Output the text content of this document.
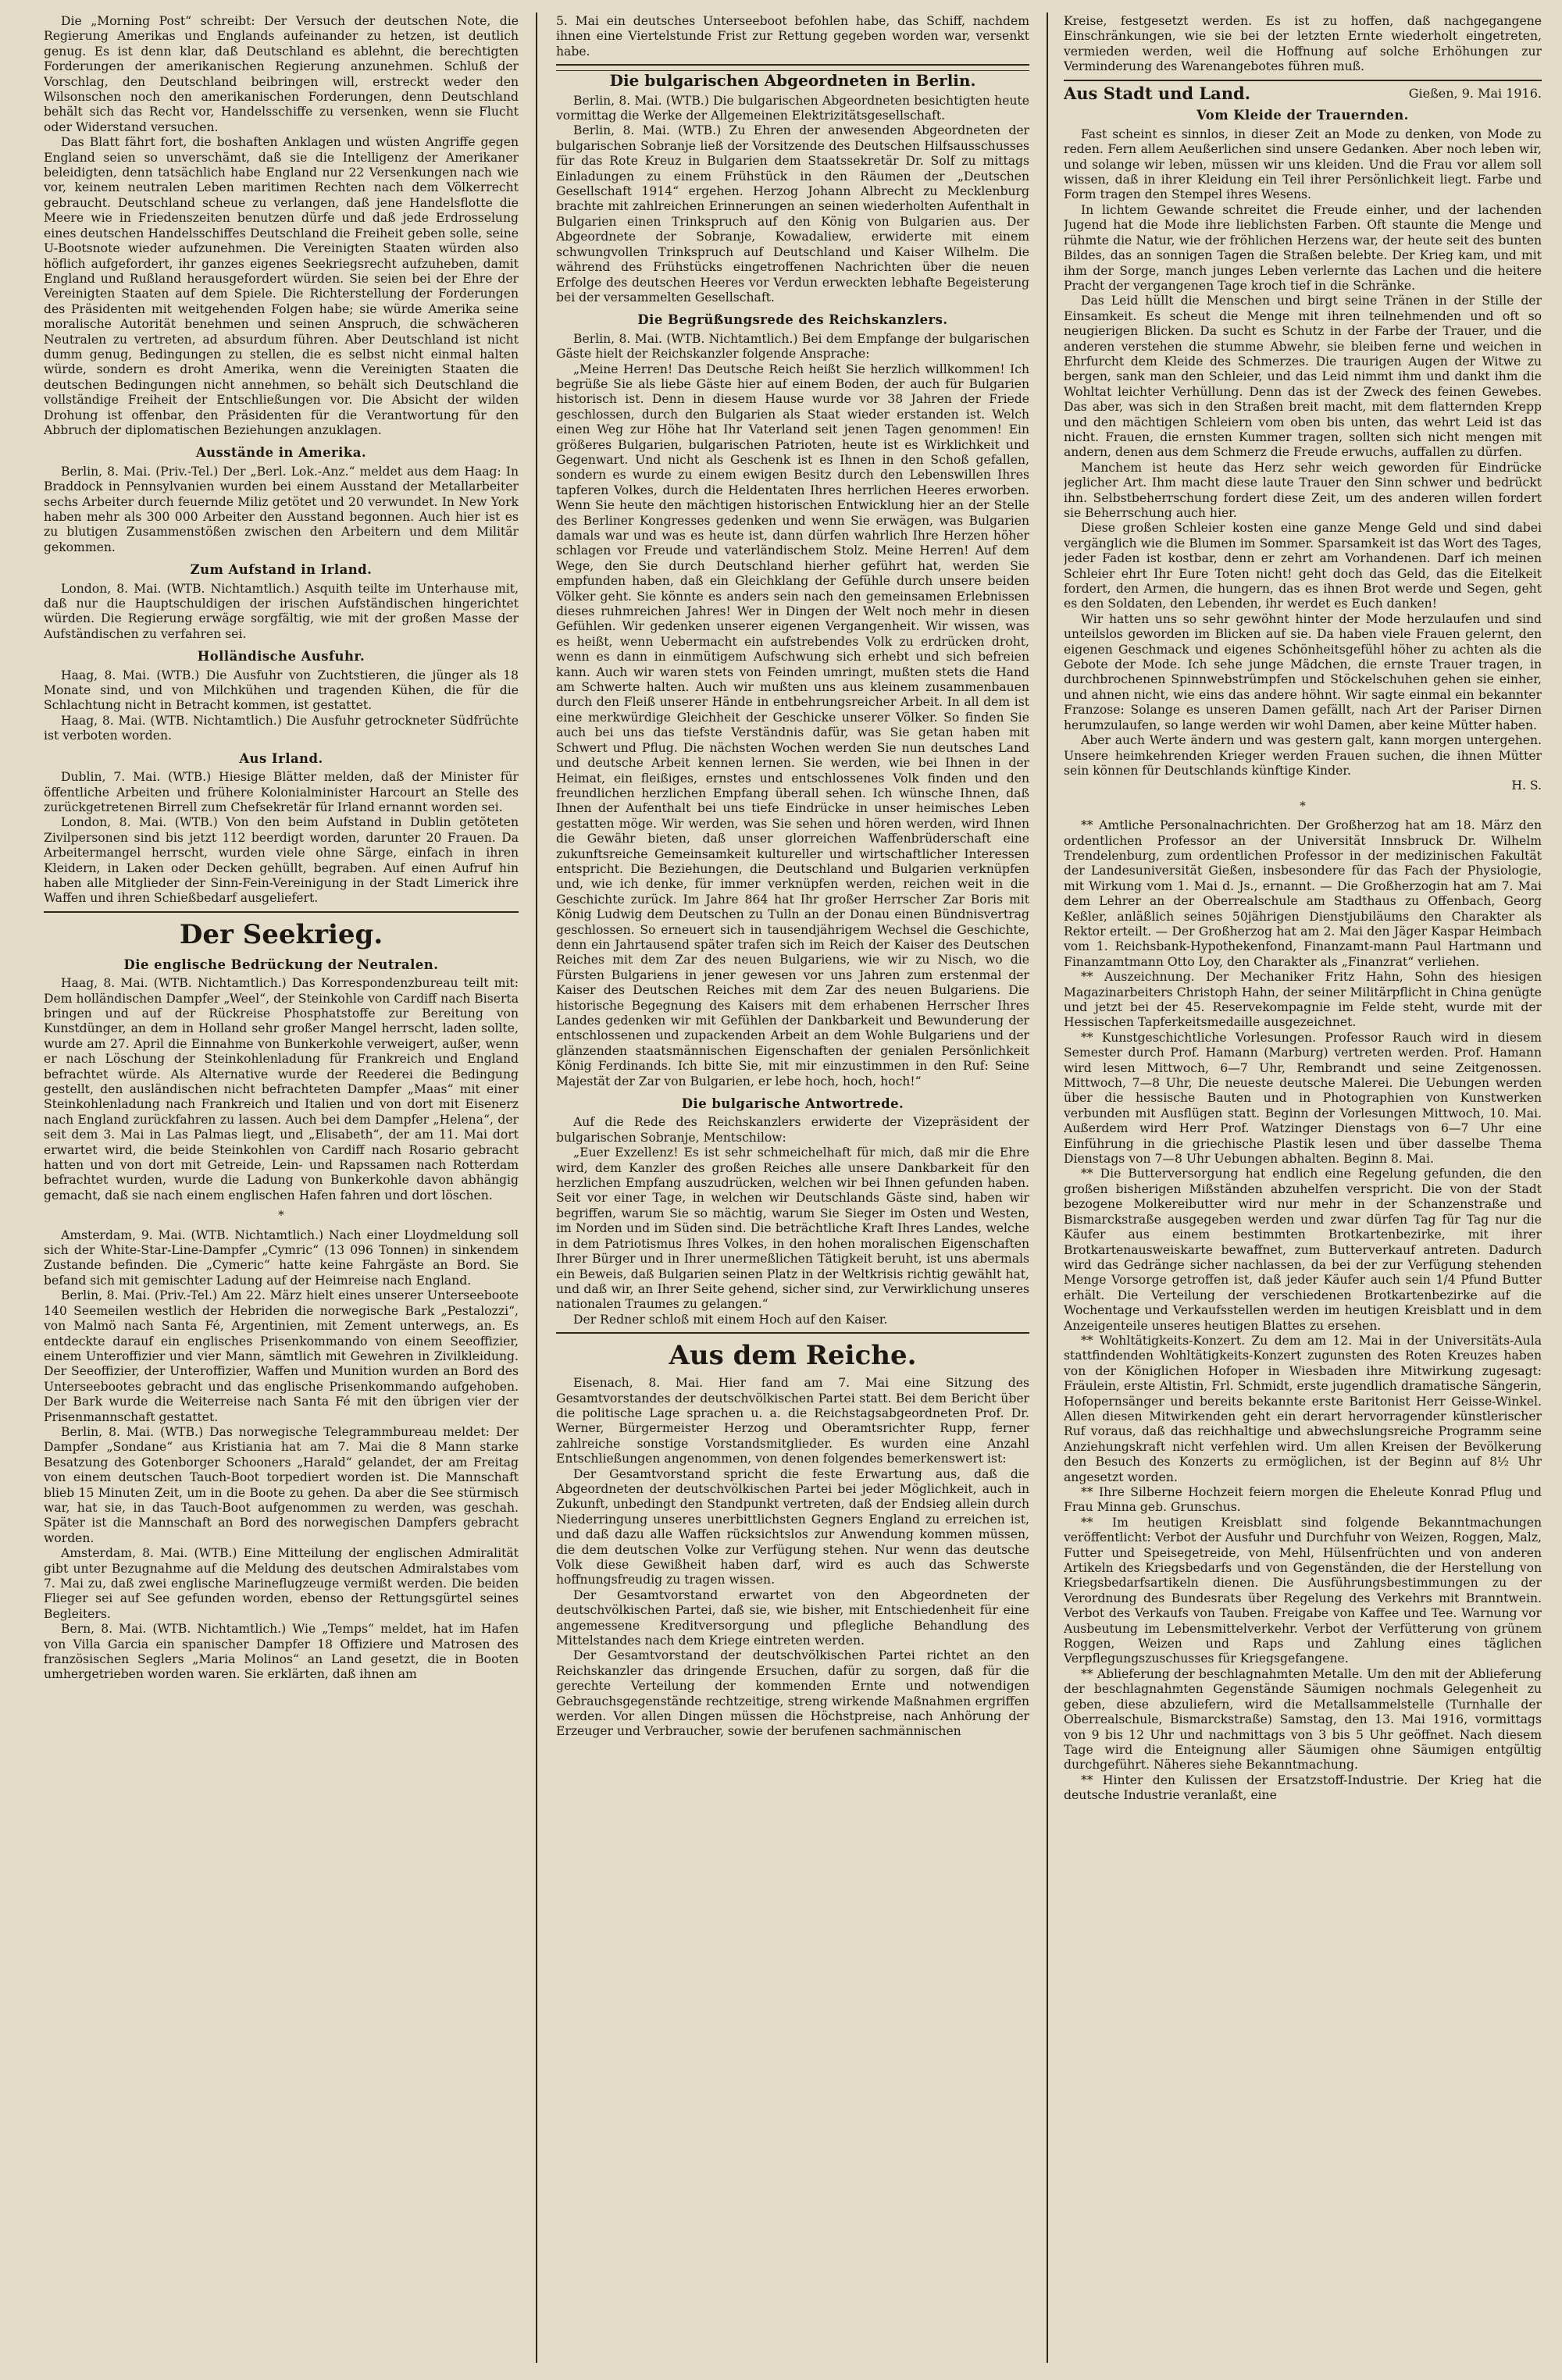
Die „Morning Post“ schreibt: Der Versuch der deutschen Note, die Regierung Amerikas und Englands aufeinander zu hetzen, ist deutlich genug. Es ist denn klar, daß Deutschland es ablehnt, die berechtigten Forderungen der amerikanischen Regierung anzunehmen. Schluß der Vorschlag, den Deutschland beibringen will, erstreckt weder den Wilsonschen noch den amerikanischen Forderungen, denn Deutschland behält sich das Recht vor, Handelsschiffe zu versenken, wenn sie Flucht oder Widerstand versuchen.

Das Blatt fährt fort, die boshaften Anklagen und wüsten Angriffe gegen England seien so unverschämt, daß sie die Intelligenz der Amerikaner beleidigten, denn tatsächlich habe England nur 22 Versenkungen nach wie vor, keinem neutralen Leben maritimen Rechten nach dem Völkerrecht gebraucht. Deutschland scheue zu verlangen, daß jene Handelsflotte die Meere wie in Friedenszeiten benutzen dürfe und daß jede Erdrosselung eines deutschen Handelsschiffes Deutschland die Freiheit geben solle, seine U-Bootsnote wieder aufzunehmen. Die Vereinigten Staaten würden also höflich aufgefordert, ihr ganzes eigenes Seekriegsrecht aufzuheben, damit England und Rußland herausgefordert würden. Sie seien bei der Ehre der Vereinigten Staaten auf dem Spiele. Die Richterstellung der Forderungen des Präsidenten mit weitgehenden Folgen habe; sie würde Amerika seine moralische Autorität benehmen und seinen Anspruch, die schwächeren Neutralen zu vertreten, ad absurdum führen. Aber Deutschland ist nicht dumm genug, Bedingungen zu stellen, die es selbst nicht einmal halten würde, sondern es droht Amerika, wenn die Vereinigten Staaten die deutschen Bedingungen nicht annehmen, so behält sich Deutschland die vollständige Freiheit der Entschließungen vor. Die Absicht der wilden Drohung ist offenbar, den Präsidenten für die Verantwortung für den Abbruch der diplomatischen Beziehungen anzuklagen.

Ausstände in Amerika.

Berlin, 8. Mai. (Priv.-Tel.) Der „Berl. Lok.-Anz.“ meldet aus dem Haag: In Braddock in Pennsylvanien wurden bei einem Ausstand der Metallarbeiter sechs Arbeiter durch feuernde Miliz getötet und 20 verwundet. In New York haben mehr als 300 000 Arbeiter den Ausstand begonnen. Auch hier ist es zu blutigen Zusammenstößen zwischen den Arbeitern und dem Militär gekommen.

Zum Aufstand in Irland.

London, 8. Mai. (WTB. Nichtamtlich.) Asquith teilte im Unterhause mit, daß nur die Hauptschuldigen der irischen Aufständischen hingerichtet würden. Die Regierung erwäge sorgfältig, wie mit der großen Masse der Aufständischen zu verfahren sei.

Holländische Ausfuhr.

Haag, 8. Mai. (WTB.) Die Ausfuhr von Zuchtstieren, die jünger als 18 Monate sind, und von Milchkühen und tragenden Kühen, die für die Schlachtung nicht in Betracht kommen, ist gestattet.

Haag, 8. Mai. (WTB. Nichtamtlich.) Die Ausfuhr getrockneter Südfrüchte ist verboten worden.

Aus Irland.

Dublin, 7. Mai. (WTB.) Hiesige Blätter melden, daß der Minister für öffentliche Arbeiten und frühere Kolonialminister Harcourt an Stelle des zurückgetretenen Birrell zum Chefsekretär für Irland ernannt worden sei.

London, 8. Mai. (WTB.) Von den beim Aufstand in Dublin getöteten Zivilpersonen sind bis jetzt 112 beerdigt worden, darunter 20 Frauen. Da Arbeitermangel herrscht, wurden viele ohne Särge, einfach in ihren Kleidern, in Laken oder Decken gehüllt, begraben. Auf einen Aufruf hin haben alle Mitglieder der Sinn-Fein-Vereinigung in der Stadt Limerick ihre Waffen und ihren Schießbedarf ausgeliefert.

Der Seekrieg.
Die englische Bedrückung der Neutralen.

Haag, 8. Mai. (WTB. Nichtamtlich.) Das Korrespondenzbureau teilt mit: Dem holländischen Dampfer „Weel“, der Steinkohle von Cardiff nach Biserta bringen und auf der Rückreise Phosphatstoffe zur Bereitung von Kunstdünger, an dem in Holland sehr großer Mangel herrscht, laden sollte, wurde am 27. April die Einnahme von Bunkerkohle verweigert, außer, wenn er nach Löschung der Steinkohlenladung für Frankreich und England befrachtet würde. Als Alternative wurde der Reederei die Bedingung gestellt, den ausländischen nicht befrachteten Dampfer „Maas“ mit einer Steinkohlenladung nach Frankreich und Italien und von dort mit Eisenerz nach England zurückfahren zu lassen. Auch bei dem Dampfer „Helena“, der seit dem 3. Mai in Las Palmas liegt, und „Elisabeth“, der am 11. Mai dort erwartet wird, die beide Steinkohlen von Cardiff nach Rosario gebracht hatten und von dort mit Getreide, Lein- und Rapssamen nach Rotterdam befrachtet wurden, wurde die Ladung von Bunkerkohle davon abhängig gemacht, daß sie nach einem englischen Hafen fahren und dort löschen.

*

Amsterdam, 9. Mai. (WTB. Nichtamtlich.) Nach einer Lloydmeldung soll sich der White-Star-Line-Dampfer „Cymric“ (13 096 Tonnen) in sinkendem Zustande befinden. Die „Cymeric“ hatte keine Fahrgäste an Bord. Sie befand sich mit gemischter Ladung auf der Heimreise nach England.

Berlin, 8. Mai. (Priv.-Tel.) Am 22. März hielt eines unserer Unterseeboote 140 Seemeilen westlich der Hebriden die norwegische Bark „Pestalozzi“, von Malmö nach Santa Fé, Argentinien, mit Zement unterwegs, an. Es entdeckte darauf ein englisches Prisenkommando von einem Seeoffizier, einem Unteroffizier und vier Mann, sämtlich mit Gewehren in Zivilkleidung. Der Seeoffizier, der Unteroffizier, Waffen und Munition wurden an Bord des Unterseebootes gebracht und das englische Prisenkommando aufgehoben. Der Bark wurde die Weiterreise nach Santa Fé mit den übrigen vier der Prisenmannschaft gestattet.

Berlin, 8. Mai. (WTB.) Das norwegische Telegrammbureau meldet: Der Dampfer „Sondane“ aus Kristiania hat am 7. Mai die 8 Mann starke Besatzung des Gotenborger Schooners „Harald“ gelandet, der am Freitag von einem deutschen Tauch-Boot torpediert worden ist. Die Mannschaft blieb 15 Minuten Zeit, um in die Boote zu gehen. Da aber die See stürmisch war, hat sie, in das Tauch-Boot aufgenommen zu werden, was geschah. Später ist die Mannschaft an Bord des norwegischen Dampfers gebracht worden.

Amsterdam, 8. Mai. (WTB.) Eine Mitteilung der englischen Admiralität gibt unter Bezugnahme auf die Meldung des deutschen Admiralstabes vom 7. Mai zu, daß zwei englische Marineflugzeuge vermißt werden. Die beiden Flieger sei auf See gefunden worden, ebenso der Rettungsgürtel seines Begleiters.

Bern, 8. Mai. (WTB. Nichtamtlich.) Wie „Temps“ meldet, hat im Hafen von Villa Garcia ein spanischer Dampfer 18 Offiziere und Matrosen des französischen Seglers „Maria Molinos“ an Land gesetzt, die in Booten umhergetrieben worden waren. Sie erklärten, daß ihnen am

5. Mai ein deutsches Unterseeboot befohlen habe, das Schiff, nachdem ihnen eine Viertelstunde Frist zur Rettung gegeben worden war, versenkt habe.

Die bulgarischen Abgeordneten in Berlin.

Berlin, 8. Mai. (WTB.) Die bulgarischen Abgeordneten besichtigten heute vormittag die Werke der Allgemeinen Elektrizitätsgesellschaft.

Berlin, 8. Mai. (WTB.) Zu Ehren der anwesenden Abgeordneten der bulgarischen Sobranje ließ der Vorsitzende des Deutschen Hilfsausschusses für das Rote Kreuz in Bulgarien dem Staatssekretär Dr. Solf zu mittags Einladungen zu einem Frühstück in den Räumen der „Deutschen Gesellschaft 1914“ ergehen. Herzog Johann Albrecht zu Mecklenburg brachte mit zahlreichen Erinnerungen an seinen wiederholten Aufenthalt in Bulgarien einen Trinkspruch auf den König von Bulgarien aus. Der Abgeordnete der Sobranje, Kowadaliew, erwiderte mit einem schwungvollen Trinkspruch auf Deutschland und Kaiser Wilhelm. Die während des Frühstücks eingetroffenen Nachrichten über die neuen Erfolge des deutschen Heeres vor Verdun erweckten lebhafte Begeisterung bei der versammelten Gesellschaft.

Die Begrüßungsrede des Reichskanzlers.

Berlin, 8. Mai. (WTB. Nichtamtlich.) Bei dem Empfange der bulgarischen Gäste hielt der Reichskanzler folgende Ansprache:

„Meine Herren! Das Deutsche Reich heißt Sie herzlich willkommen! Ich begrüße Sie als liebe Gäste hier auf einem Boden, der auch für Bulgarien historisch ist. Denn in diesem Hause wurde vor 38 Jahren der Friede geschlossen, durch den Bulgarien als Staat wieder erstanden ist. Welch einen Weg zur Höhe hat Ihr Vaterland seit jenen Tagen genommen! Ein größeres Bulgarien, bulgarischen Patrioten, heute ist es Wirklichkeit und Gegenwart. Und nicht als Geschenk ist es Ihnen in den Schoß gefallen, sondern es wurde zu einem ewigen Besitz durch den Lebenswillen Ihres tapferen Volkes, durch die Heldentaten Ihres herrlichen Heeres erworben. Wenn Sie heute den mächtigen historischen Entwicklung hier an der Stelle des Berliner Kongresses gedenken und wenn Sie erwägen, was Bulgarien damals war und was es heute ist, dann dürfen wahrlich Ihre Herzen höher schlagen vor Freude und vaterländischem Stolz. Meine Herren! Auf dem Wege, den Sie durch Deutschland hierher geführt hat, werden Sie empfunden haben, daß ein Gleichklang der Gefühle durch unsere beiden Völker geht. Sie könnte es anders sein nach den gemeinsamen Erlebnissen dieses ruhmreichen Jahres! Wer in Dingen der Welt noch mehr in diesen Gefühlen. Wir gedenken unserer eigenen Vergangenheit. Wir wissen, was es heißt, wenn Uebermacht ein aufstrebendes Volk zu erdrücken droht, wenn es dann in einmütigem Aufschwung sich erhebt und sich befreien kann. Auch wir waren stets von Feinden umringt, mußten stets die Hand am Schwerte halten. Auch wir mußten uns aus kleinem zusammenbauen durch den Fleiß unserer Hände in entbehrungsreicher Arbeit. In all dem ist eine merkwürdige Gleichheit der Geschicke unserer Völker. So finden Sie auch bei uns das tiefste Verständnis dafür, was Sie getan haben mit Schwert und Pflug. Die nächsten Wochen werden Sie nun deutsches Land und deutsche Arbeit kennen lernen. Sie werden, wie bei Ihnen in der Heimat, ein fleißiges, ernstes und entschlossenes Volk finden und den freundlichen herzlichen Empfang überall sehen. Ich wünsche Ihnen, daß Ihnen der Aufenthalt bei uns tiefe Eindrücke in unser heimisches Leben gestatten möge. Wir werden, was Sie sehen und hören werden, wird Ihnen die Gewähr bieten, daß unser glorreichen Waffenbrüderschaft eine zukunftsreiche Gemeinsamkeit kultureller und wirtschaftlicher Interessen entspricht. Die Beziehungen, die Deutschland und Bulgarien verknüpfen und, wie ich denke, für immer verknüpfen werden, reichen weit in die Geschichte zurück. Im Jahre 864 hat Ihr großer Herrscher Zar Boris mit König Ludwig dem Deutschen zu Tulln an der Donau einen Bündnisvertrag geschlossen. So erneuert sich in tausendjährigem Wechsel die Geschichte, denn ein Jahrtausend später trafen sich im Reich der Kaiser des Deutschen Reiches mit dem Zar des neuen Bulgariens, wie wir zu Nisch, wo die Fürsten Bulgariens in jener gewesen vor uns Jahren zum erstenmal der Kaiser des Deutschen Reiches mit dem Zar des neuen Bulgariens. Die historische Begegnung des Kaisers mit dem erhabenen Herrscher Ihres Landes gedenken wir mit Gefühlen der Dankbarkeit und Bewunderung der entschlossenen und zupackenden Arbeit an dem Wohle Bulgariens und der glänzenden staatsmännischen Eigenschaften der genialen Persönlichkeit König Ferdinands. Ich bitte Sie, mit mir einzustimmen in den Ruf: Seine Majestät der Zar von Bulgarien, er lebe hoch, hoch, hoch!“

Die bulgarische Antwortrede.

Auf die Rede des Reichskanzlers erwiderte der Vizepräsident der bulgarischen Sobranje, Mentschilow:

„Euer Exzellenz! Es ist sehr schmeichelhaft für mich, daß mir die Ehre wird, dem Kanzler des großen Reiches alle unsere Dankbarkeit für den herzlichen Empfang auszudrücken, welchen wir bei Ihnen gefunden haben. Seit vor einer Tage, in welchen wir Deutschlands Gäste sind, haben wir begriffen, warum Sie so mächtig, warum Sie Sieger im Osten und Westen, im Norden und im Süden sind. Die beträchtliche Kraft Ihres Landes, welche in dem Patriotismus Ihres Volkes, in den hohen moralischen Eigenschaften Ihrer Bürger und in Ihrer unermeßlichen Tätigkeit beruht, ist uns abermals ein Beweis, daß Bulgarien seinen Platz in der Weltkrisis richtig gewählt hat, und daß wir, an Ihrer Seite gehend, sicher sind, zur Verwirklichung unseres nationalen Traumes zu gelangen.“

Der Redner schloß mit einem Hoch auf den Kaiser.

Aus dem Reiche.

Eisenach, 8. Mai. Hier fand am 7. Mai eine Sitzung des Gesamtvorstandes der deutschvölkischen Partei statt. Bei dem Bericht über die politische Lage sprachen u. a. die Reichstagsabgeordneten Prof. Dr. Werner, Bürgermeister Herzog und Oberamtsrichter Rupp, ferner zahlreiche sonstige Vorstandsmitglieder. Es wurden eine Anzahl Entschließungen angenommen, von denen folgendes bemerkenswert ist:

Der Gesamtvorstand spricht die feste Erwartung aus, daß die Abgeordneten der deutschvölkischen Partei bei jeder Möglichkeit, auch in Zukunft, unbedingt den Standpunkt vertreten, daß der Endsieg allein durch Niederringung unseres unerbittlichsten Gegners England zu erreichen ist, und daß dazu alle Waffen rücksichtslos zur Anwendung kommen müssen, die dem deutschen Volke zur Verfügung stehen. Nur wenn das deutsche Volk diese Gewißheit haben darf, wird es auch das Schwerste hoffnungsfreudig zu tragen wissen.

Der Gesamtvorstand erwartet von den Abgeordneten der deutschvölkischen Partei, daß sie, wie bisher, mit Entschiedenheit für eine angemessene Kreditversorgung und pflegliche Behandlung des Mittelstandes nach dem Kriege eintreten werden.

Der Gesamtvorstand der deutschvölkischen Partei richtet an den Reichskanzler das dringende Ersuchen, dafür zu sorgen, daß für die gerechte Verteilung der kommenden Ernte und notwendigen Gebrauchsgegenstände rechtzeitige, streng wirkende Maßnahmen ergriffen werden. Vor allen Dingen müssen die Höchstpreise, nach Anhörung der Erzeuger und Verbraucher, sowie der berufenen sachmännischen

Kreise, festgesetzt werden. Es ist zu hoffen, daß nachgegangene Einschränkungen, wie sie bei der letzten Ernte wiederholt eingetreten, vermieden werden, weil die Hoffnung auf solche Erhöhungen zur Verminderung des Warenangebotes führen muß.

Aus Stadt und Land.	Gießen, 9. Mai 1916.
Vom Kleide der Trauernden.

Fast scheint es sinnlos, in dieser Zeit an Mode zu denken, von Mode zu reden. Fern allem Aeußerlichen sind unsere Gedanken. Aber noch leben wir, und solange wir leben, müssen wir uns kleiden. Und die Frau vor allem soll wissen, daß in ihrer Kleidung ein Teil ihrer Persönlichkeit liegt. Farbe und Form tragen den Stempel ihres Wesens.

In lichtem Gewande schreitet die Freude einher, und der lachenden Jugend hat die Mode ihre lieblichsten Farben. Oft staunte die Menge und rühmte die Natur, wie der fröhlichen Herzens war, der heute seit des bunten Bildes, das an sonnigen Tagen die Straßen belebte. Der Krieg kam, und mit ihm der Sorge, manch junges Leben verlernte das Lachen und die heitere Pracht der vergangenen Tage kroch tief in die Schränke.

Das Leid hüllt die Menschen und birgt seine Tränen in der Stille der Einsamkeit. Es scheut die Menge mit ihren teilnehmenden und oft so neugierigen Blicken. Da sucht es Schutz in der Farbe der Trauer, und die anderen verstehen die stumme Abwehr, sie bleiben ferne und weichen in Ehrfurcht dem Kleide des Schmerzes. Die traurigen Augen der Witwe zu bergen, sank man den Schleier, und das Leid nimmt ihm und dankt ihm die Wohltat leichter Verhüllung. Denn das ist der Zweck des feinen Gewebes. Das aber, was sich in den Straßen breit macht, mit dem flatternden Krepp und den mächtigen Schleiern vom oben bis unten, das wehrt Leid ist das nicht. Frauen, die ernsten Kummer tragen, sollten sich nicht mengen mit andern, denen aus dem Schmerz die Freude erwuchs, auffallen zu dürfen.

Manchem ist heute das Herz sehr weich geworden für Eindrücke jeglicher Art. Ihm macht diese laute Trauer den Sinn schwer und bedrückt ihn. Selbstbeherrschung fordert diese Zeit, um des anderen willen fordert sie Beherrschung auch hier.

Diese großen Schleier kosten eine ganze Menge Geld und sind dabei vergänglich wie die Blumen im Sommer. Sparsamkeit ist das Wort des Tages, jeder Faden ist kostbar, denn er zehrt am Vorhandenen. Darf ich meinen Schleier ehrt Ihr Eure Toten nicht! geht doch das Geld, das die Eitelkeit fordert, den Armen, die hungern, das es ihnen Brot werde und Segen, geht es den Soldaten, den Lebenden, ihr werdet es Euch danken!

Wir hatten uns so sehr gewöhnt hinter der Mode herzulaufen und sind unteilslos geworden im Blicken auf sie. Da haben viele Frauen gelernt, den eigenen Geschmack und eigenes Schönheitsgefühl höher zu achten als die Gebote der Mode. Ich sehe junge Mädchen, die ernste Trauer tragen, in durchbrochenen Spinnwebstrümpfen und Stöckelschuhen gehen sie einher, und ahnen nicht, wie eins das andere höhnt. Wir sagte einmal ein bekannter Franzose: Solange es unseren Damen gefällt, nach Art der Pariser Dirnen herumzulaufen, so lange werden wir wohl Damen, aber keine Mütter haben.

Aber auch Werte ändern und was gestern galt, kann morgen untergehen. Unsere heimkehrenden Krieger werden Frauen suchen, die ihnen Mütter sein können für Deutschlands künftige Kinder.

H. S.
*

** Amtliche Personalnachrichten. Der Großherzog hat am 18. März den ordentlichen Professor an der Universität Innsbruck Dr. Wilhelm Trendelenburg, zum ordentlichen Professor in der medizinischen Fakultät der Landesuniversität Gießen, insbesondere für das Fach der Physiologie, mit Wirkung vom 1. Mai d. Js., ernannt. — Die Großherzogin hat am 7. Mai dem Lehrer an der Oberrealschule am Stadthaus zu Offenbach, Georg Keßler, anläßlich seines 50jährigen Dienstjubiläums den Charakter als Rektor erteilt. — Der Großherzog hat am 2. Mai den Jäger Kaspar Heimbach vom 1. Reichsbank-Hypothekenfond, Finanzamt-mann Paul Hartmann und Finanzamtmann Otto Loy, den Charakter als „Finanzrat“ verliehen.

** Auszeichnung. Der Mechaniker Fritz Hahn, Sohn des hiesigen Magazinarbeiters Christoph Hahn, der seiner Militärpflicht in China genügte und jetzt bei der 45. Reservekompagnie im Felde steht, wurde mit der Hessischen Tapferkeitsmedaille ausgezeichnet.

** Kunstgeschichtliche Vorlesungen. Professor Rauch wird in diesem Semester durch Prof. Hamann (Marburg) vertreten werden. Prof. Hamann wird lesen Mittwoch, 6—7 Uhr, Rembrandt und seine Zeitgenossen. Mittwoch, 7—8 Uhr, Die neueste deutsche Malerei. Die Uebungen werden über die hessische Bauten und in Photographien von Kunstwerken verbunden mit Ausflügen statt. Beginn der Vorlesungen Mittwoch, 10. Mai. Außerdem wird Herr Prof. Watzinger Dienstags von 6—7 Uhr eine Einführung in die griechische Plastik lesen und über dasselbe Thema Dienstags von 7—8 Uhr Uebungen abhalten. Beginn 8. Mai.

** Die Butterversorgung hat endlich eine Regelung gefunden, die den großen bisherigen Mißständen abzuhelfen verspricht. Die von der Stadt bezogene Molkereibutter wird nur mehr in der Schanzenstraße und Bismarckstraße ausgegeben werden und zwar dürfen Tag für Tag nur die Käufer aus einem bestimmten Brotkartenbezirke, mit ihrer Brotkartenausweiskarte bewaffnet, zum Butterverkauf antreten. Dadurch wird das Gedränge sicher nachlassen, da bei der zur Verfügung stehenden Menge Vorsorge getroffen ist, daß jeder Käufer auch sein 1/4 Pfund Butter erhält. Die Verteilung der verschiedenen Brotkartenbezirke auf die Wochentage und Verkaufsstellen werden im heutigen Kreisblatt und in dem Anzeigenteile unseres heutigen Blattes zu ersehen.

** Wohltätigkeits-Konzert. Zu dem am 12. Mai in der Universitäts-Aula stattfindenden Wohltätigkeits-Konzert zugunsten des Roten Kreuzes haben von der Königlichen Hofoper in Wiesbaden ihre Mitwirkung zugesagt: Fräulein, erste Altistin, Frl. Schmidt, erste jugendlich dramatische Sängerin, Hofopernsänger und bereits bekannte erste Baritonist Herr Geisse-Winkel. Allen diesen Mitwirkenden geht ein derart hervorragender künstlerischer Ruf voraus, daß das reichhaltige und abwechslungsreiche Programm seine Anziehungskraft nicht verfehlen wird. Um allen Kreisen der Bevölkerung den Besuch des Konzerts zu ermöglichen, ist der Beginn auf 8½ Uhr angesetzt worden.

** Ihre Silberne Hochzeit feiern morgen die Eheleute Konrad Pflug und Frau Minna geb. Grunschus.

** Im heutigen Kreisblatt sind folgende Bekanntmachungen veröffentlicht: Verbot der Ausfuhr und Durchfuhr von Weizen, Roggen, Malz, Futter und Speisegetreide, von Mehl, Hülsenfrüchten und von anderen Artikeln des Kriegsbedarfs und von Gegenständen, die der Herstellung von Kriegsbedarfsartikeln dienen. Die Ausführungsbestimmungen zu der Verordnung des Bundesrats über Regelung des Verkehrs mit Branntwein. Verbot des Verkaufs von Tauben. Freigabe von Kaffee und Tee. Warnung vor Ausbeutung im Lebensmittelverkehr. Verbot der Verfütterung von grünem Roggen, Weizen und Raps und Zahlung eines täglichen Verpflegungszuschusses für Kriegsgefangene.

** Ablieferung der beschlagnahmten Metalle. Um den mit der Ablieferung der beschlagnahmten Gegenstände Säumigen nochmals Gelegenheit zu geben, diese abzuliefern, wird die Metallsammelstelle (Turnhalle der Oberrealschule, Bismarckstraße) Samstag, den 13. Mai 1916, vormittags von 9 bis 12 Uhr und nachmittags von 3 bis 5 Uhr geöffnet. Nach diesem Tage wird die Enteignung aller Säumigen ohne Säumigen entgültig durchgeführt. Näheres siehe Bekanntmachung.

** Hinter den Kulissen der Ersatzstoff-Industrie. Der Krieg hat die deutsche Industrie veranlaßt, eine
